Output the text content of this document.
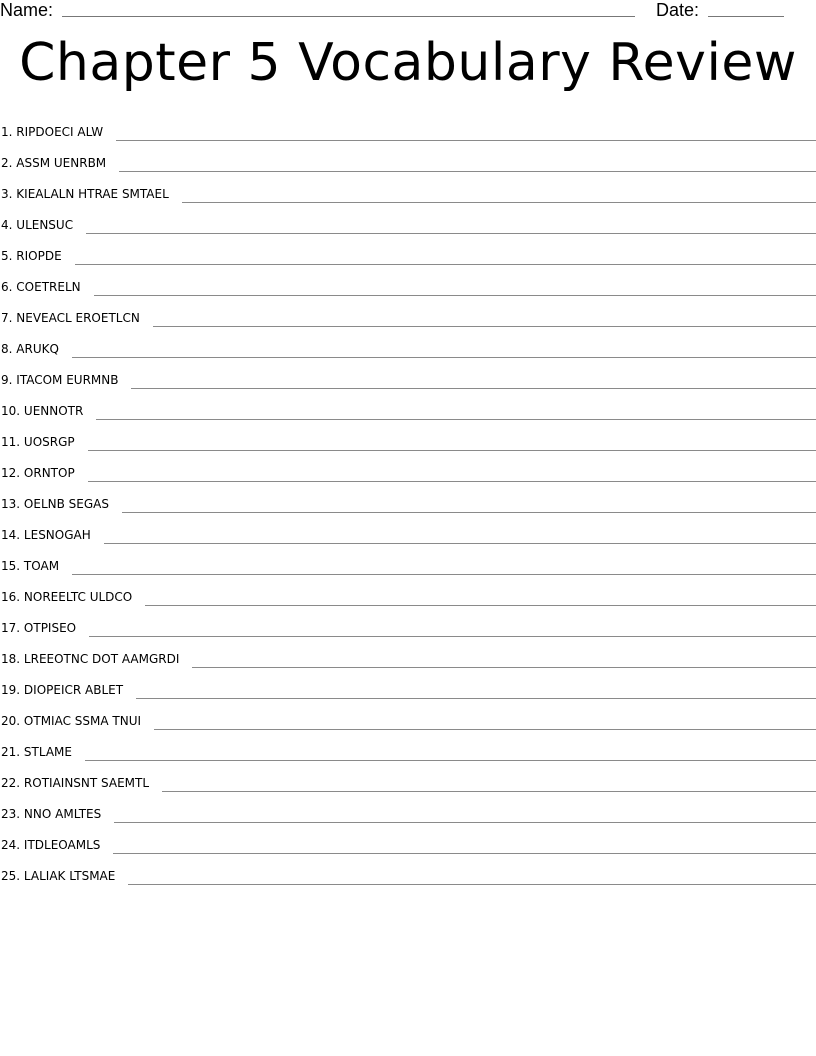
Name:	Date:
Chapter 5 Vocabulary Review
1. RIPDOECI ALW
2. ASSM UENRBM
3. KIEALALN HTRAE SMTAEL
4. ULENSUC
5. RIOPDE
6. COETRELN
7. NEVEACL EROETLCN
8. ARUKQ
9. ITACOM EURMNB
10. UENNOTR
11. UOSRGP
12. ORNTOP
13. OELNB SEGAS
14. LESNOGAH
15. TOAM
16. NOREELTC ULDCO
17. OTPISEO
18. LREEOTNC DOT AAMGRDI
19. DIOPEICR ABLET
20. OTMIAC SSMA TNUI
21. STLAME
22. ROTIAINSNT SAEMTL
23. NNO AMLTES
24. ITDLEOAMLS
25. LALIAK LTSMAE
